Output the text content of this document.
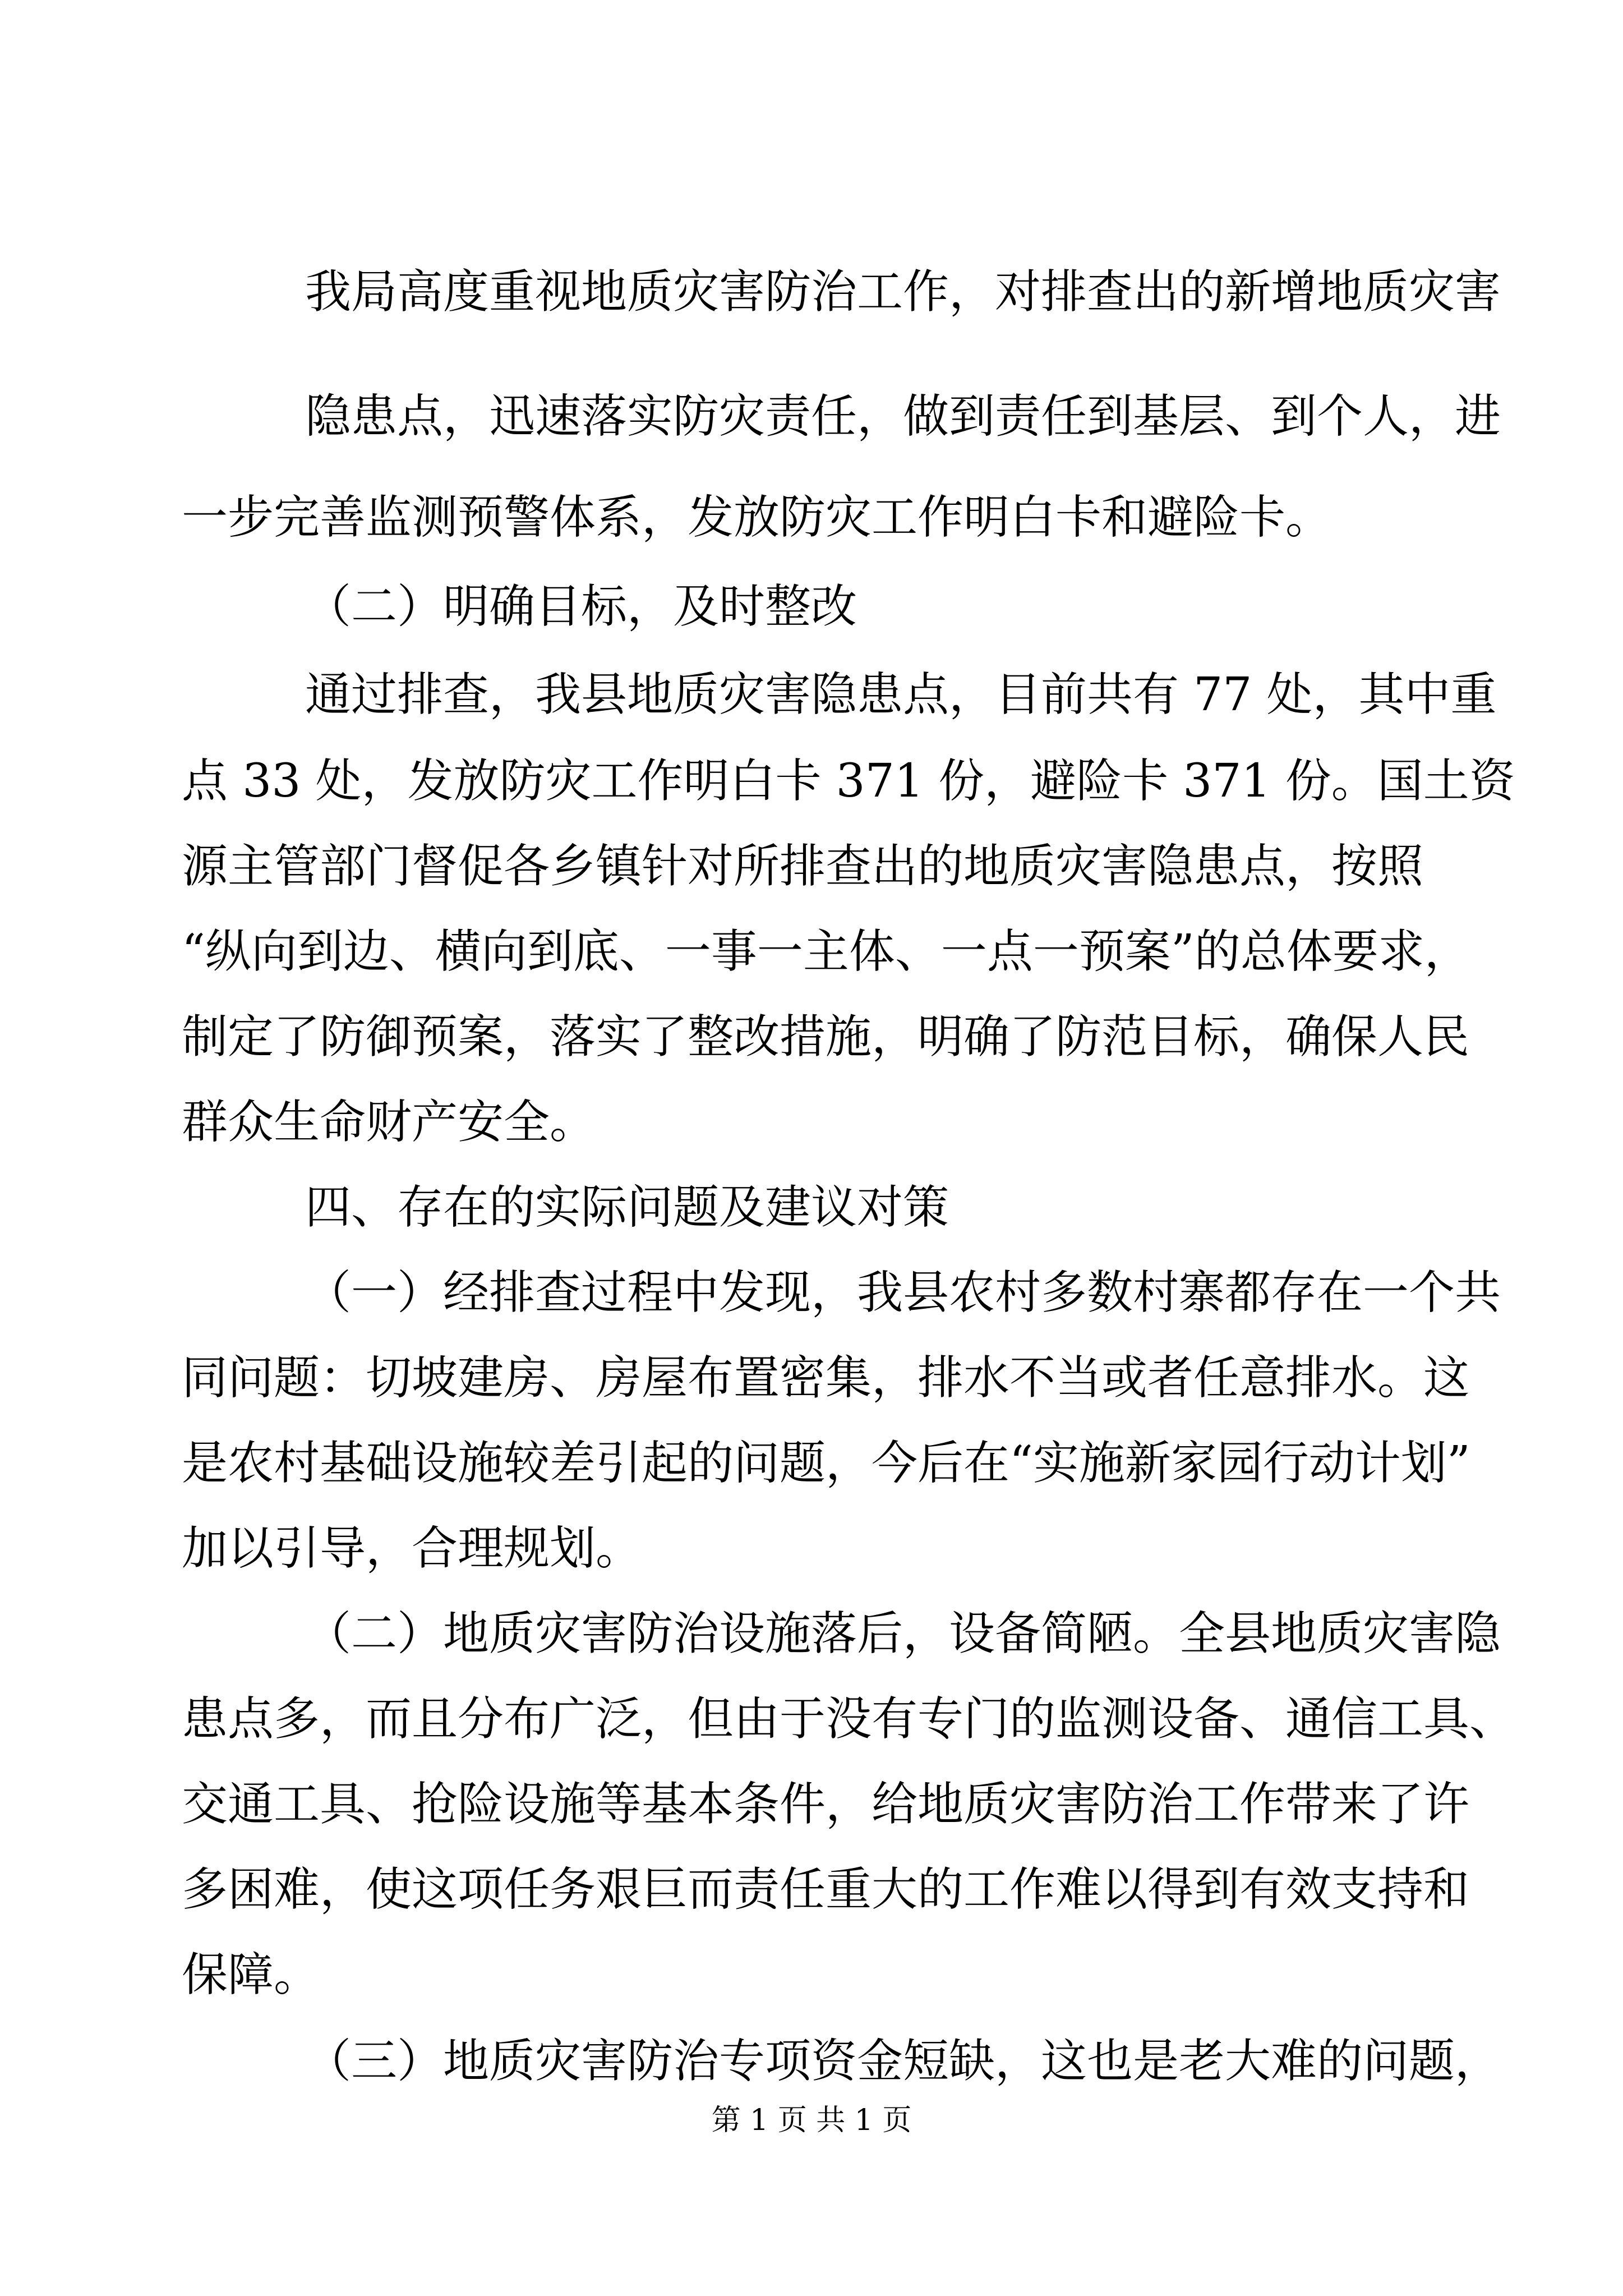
我局高度重视地质灾害防治工作，对排查出的新增地质灾害
隐患点，迅速落实防灾责任，做到责任到基层、到个人，进
一步完善监测预警体系，发放防灾工作明白卡和避险卡。
（二）明确目标，及时整改
通过排查，我县地质灾害隐患点，目前共有 77 处，其中重
点 33 处，发放防灾工作明白卡 371 份，避险卡 371 份。国土资
源主管部门督促各乡镇针对所排查出的地质灾害隐患点，按照
“纵向到边、横向到底、一事一主体、一点一预案”的总体要求，
制定了防御预案，落实了整改措施，明确了防范目标，确保人民
群众生命财产安全。
四、存在的实际问题及建议对策
（一）经排查过程中发现，我县农村多数村寨都存在一个共
同问题：切坡建房、房屋布置密集，排水不当或者任意排水。这
是农村基础设施较差引起的问题，今后在“实施新家园行动计划”
加以引导，合理规划。
（二）地质灾害防治设施落后，设备简陋。全县地质灾害隐
患点多，而且分布广泛，但由于没有专门的监测设备、通信工具、
交通工具、抢险设施等基本条件，给地质灾害防治工作带来了许
多困难，使这项任务艰巨而责任重大的工作难以得到有效支持和
保障。
（三）地质灾害防治专项资金短缺，这也是老大难的问题，
第 1 页 共 1 页
